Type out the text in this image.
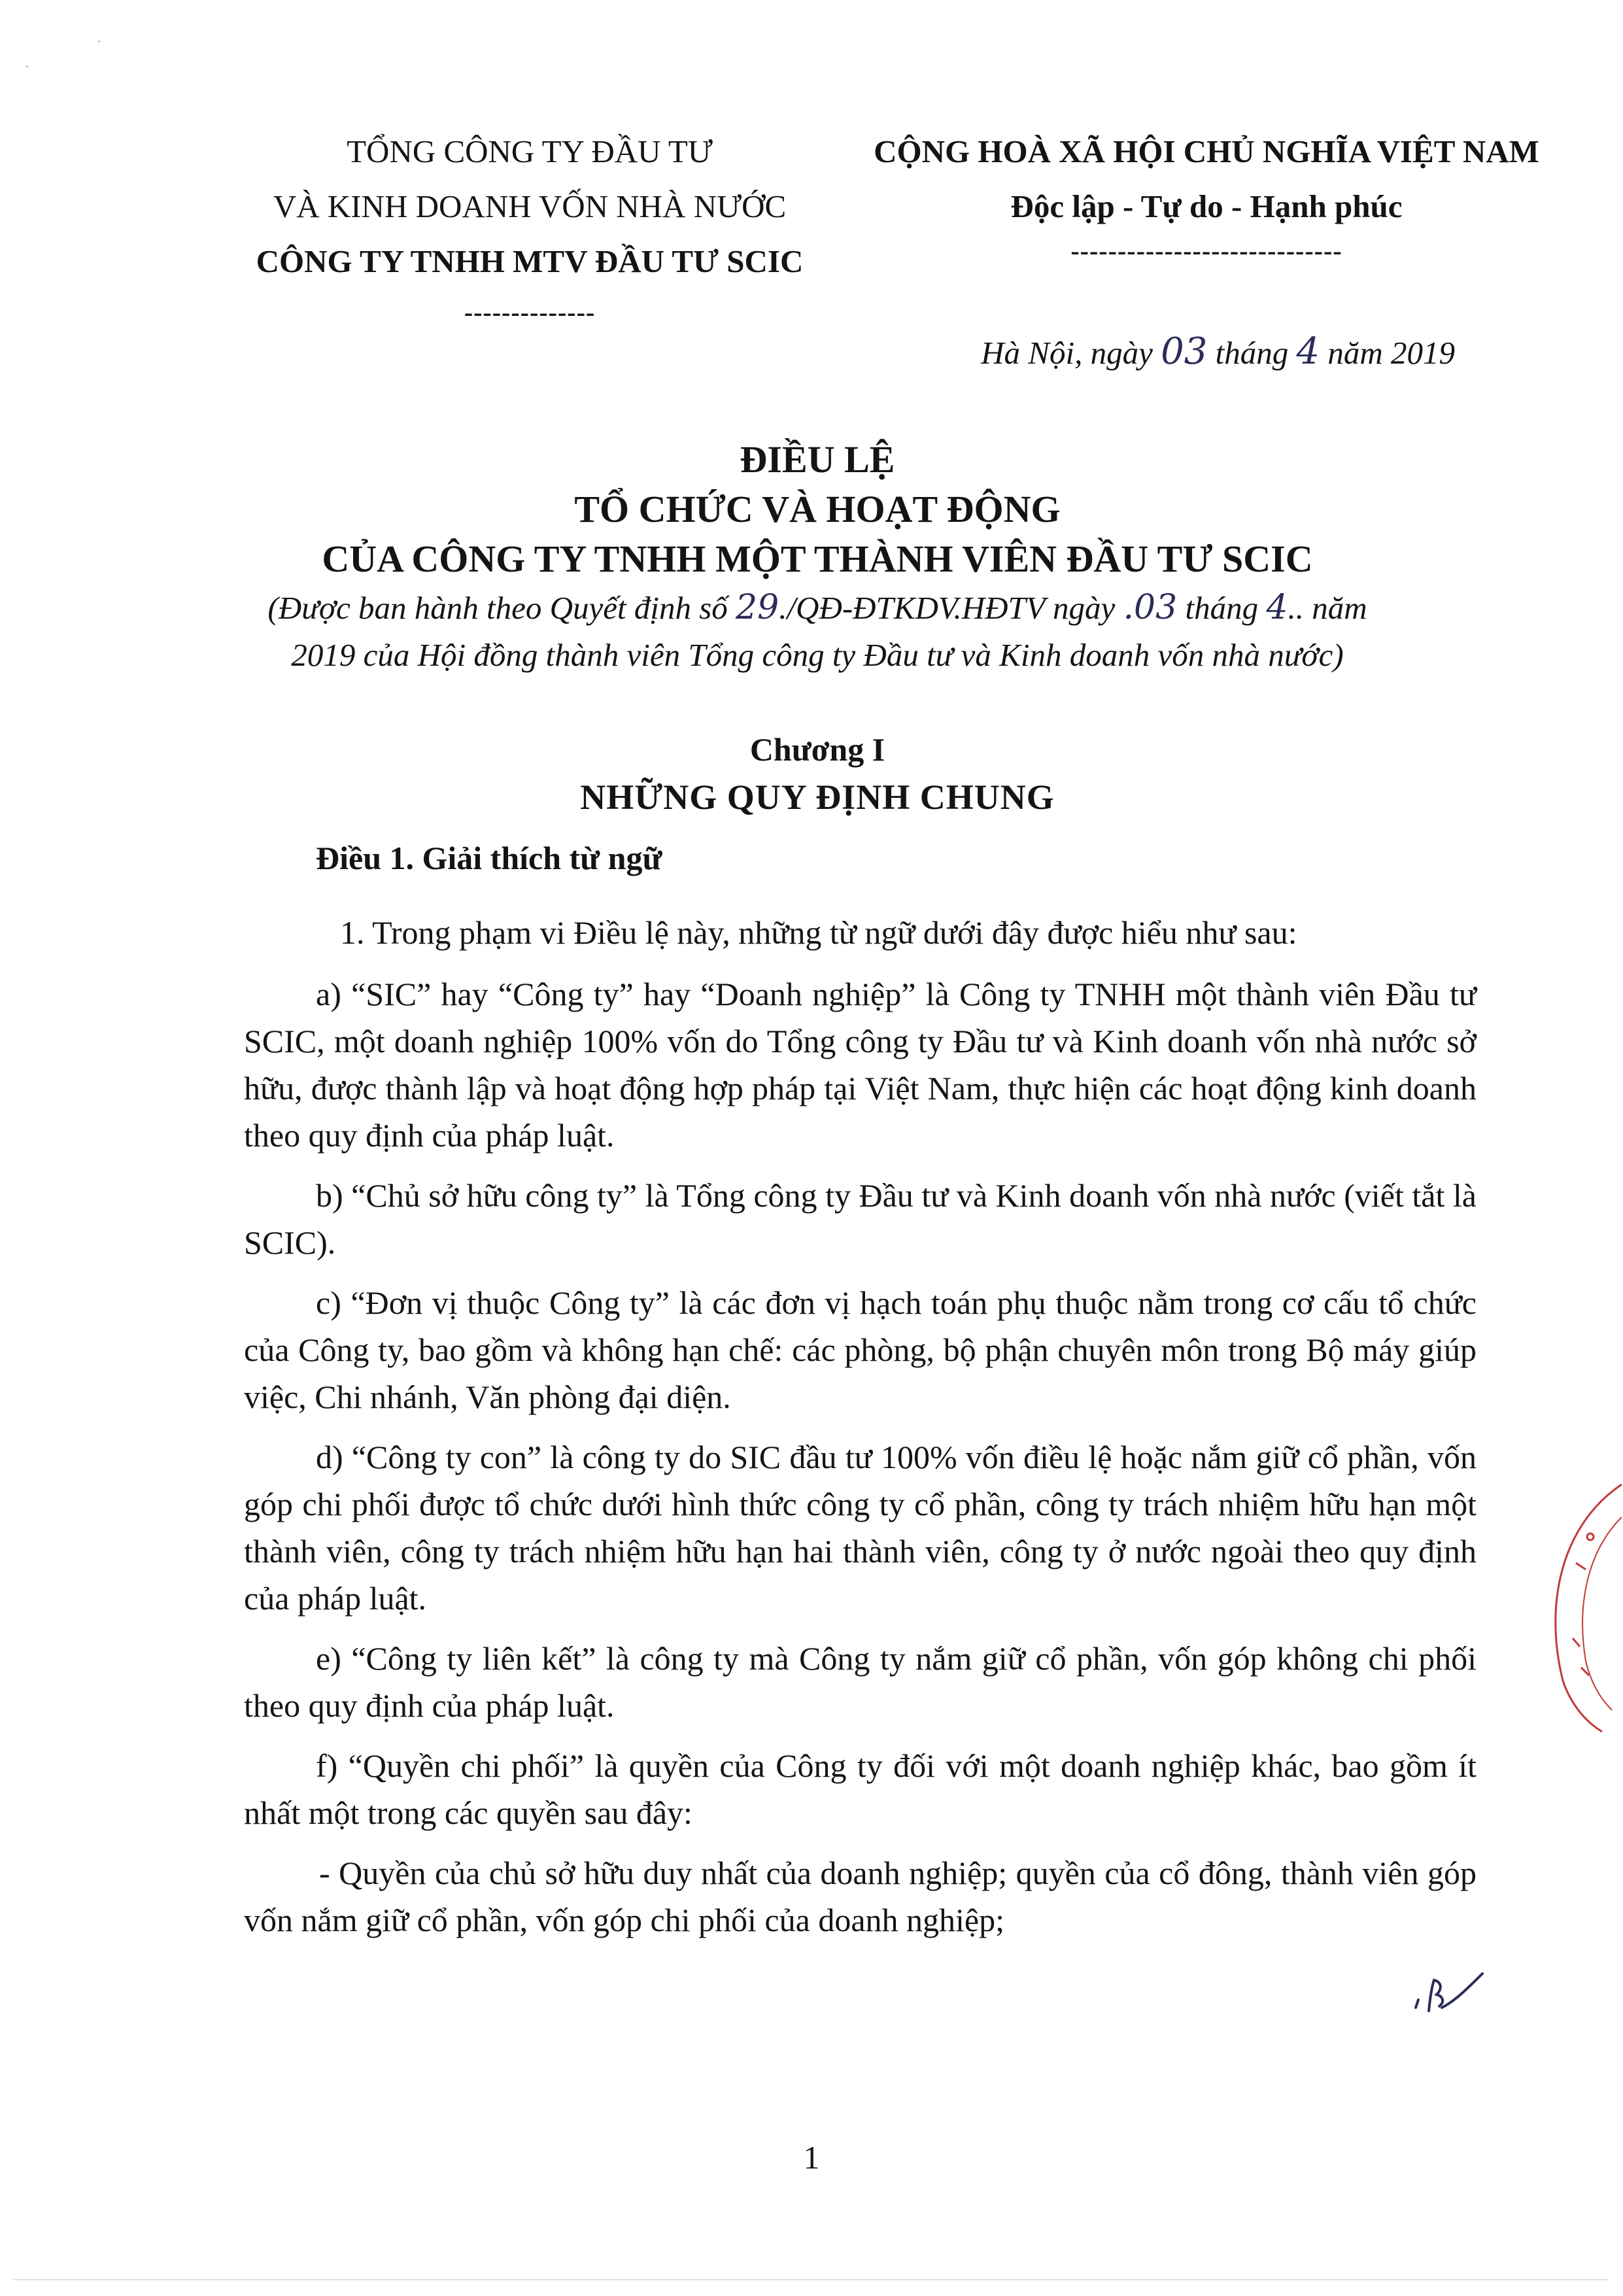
TỔNG CÔNG TY ĐẦU TƯ
VÀ KINH DOANH VỐN NHÀ NƯỚC
CÔNG TY TNHH MTV ĐẦU TƯ SCIC
--------------
CỘNG HOÀ XÃ HỘI CHỦ NGHĨA VIỆT NAM
Độc lập - Tự do - Hạnh phúc
-----------------------------
Hà Nội, ngày 03 tháng 4 năm 2019
ĐIỀU LỆ
TỔ CHỨC VÀ HOẠT ĐỘNG
CỦA CÔNG TY TNHH MỘT THÀNH VIÊN ĐẦU TƯ SCIC
(Được ban hành theo Quyết định số 29./QĐ-ĐTKDV.HĐTV ngày .03 tháng 4.. năm
2019 của Hội đồng thành viên Tổng công ty Đầu tư và Kinh doanh vốn nhà nước)
Chương I
NHỮNG QUY ĐỊNH CHUNG
Điều 1. Giải thích từ ngữ

1. Trong phạm vi Điều lệ này, những từ ngữ dưới đây được hiểu như sau:

a) “SIC” hay “Công ty” hay “Doanh nghiệp” là Công ty TNHH một thành viên Đầu tư SCIC, một doanh nghiệp 100% vốn do Tổng công ty Đầu tư và Kinh doanh vốn nhà nước sở hữu, được thành lập và hoạt động hợp pháp tại Việt Nam, thực hiện các hoạt động kinh doanh theo quy định của pháp luật.

b) “Chủ sở hữu công ty” là Tổng công ty Đầu tư và Kinh doanh vốn nhà nước (viết tắt là SCIC).

c) “Đơn vị thuộc Công ty” là các đơn vị hạch toán phụ thuộc nằm trong cơ cấu tổ chức của Công ty, bao gồm và không hạn chế: các phòng, bộ phận chuyên môn trong Bộ máy giúp việc, Chi nhánh, Văn phòng đại diện.

d) “Công ty con” là công ty do SIC đầu tư 100% vốn điều lệ hoặc nắm giữ cổ phần, vốn góp chi phối được tổ chức dưới hình thức công ty cổ phần, công ty trách nhiệm hữu hạn một thành viên, công ty trách nhiệm hữu hạn hai thành viên, công ty ở nước ngoài theo quy định của pháp luật.

e) “Công ty liên kết” là công ty mà Công ty nắm giữ cổ phần, vốn góp không chi phối theo quy định của pháp luật.

f) “Quyền chi phối” là quyền của Công ty đối với một doanh nghiệp khác, bao gồm ít nhất một trong các quyền sau đây:

- Quyền của chủ sở hữu duy nhất của doanh nghiệp; quyền của cổ đông, thành viên góp vốn nắm giữ cổ phần, vốn góp chi phối của doanh nghiệp;

1
